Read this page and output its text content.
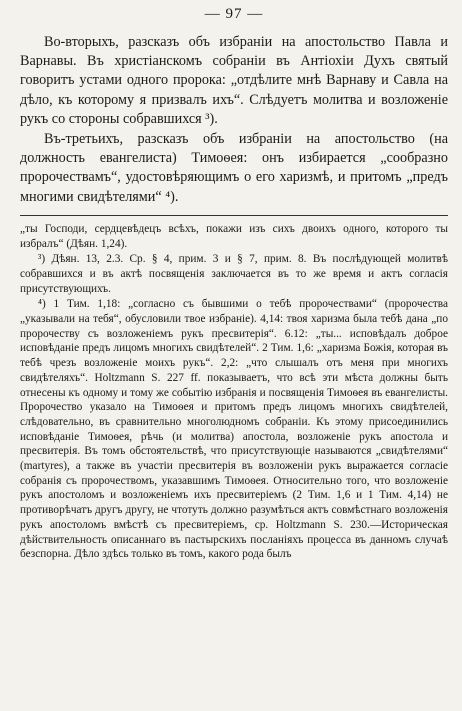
— 97 —

Во-вторыхъ, разсказъ объ избраніи на апостольство Павла и Варнавы. Въ христіанскомъ собраніи въ Антіохіи Духъ святый говоритъ устами одного пророка: „отдѣлите мнѣ Варнаву и Савла на дѣло, къ которому я призвалъ ихъ“. Слѣдуетъ молитва и возложеніе рукъ со стороны собравшихся ³).

Въ-третьихъ, разсказъ объ избраніи на апостольство (на должность евангелиста) Тимоѳея: онъ избирается „сообразно пророчествамъ“, удостовѣряющимъ о его харизмѣ, и притомъ „предъ многими свидѣтелями“ ⁴).

„ты Господи, сердцевѣдецъ всѣхъ, покажи изъ сихъ двоихъ одного, которого ты избралъ“ (Дѣян. 1,24).

³) Дѣян. 13, 2.3. Ср. § 4, прим. 3 и § 7, прим. 8. Въ послѣдующей молитвѣ собравшихся и въ актѣ посвященія заключается въ то же время и актъ согласія присутствующихъ.

⁴) 1 Тим. 1,18: „согласно съ бывшими о тебѣ пророчествами“ (пророчества „указывали на тебя“, обусловили твое избраніе). 4,14: твоя харизма была тебѣ дана „по пророчеству съ возложеніемъ рукъ пресвитерія“. 6.12: „ты... исповѣдалъ доброе исповѣданіе предъ лицомъ многихъ свидѣтелей“. 2 Тим. 1,6: „харизма Божія, которая въ тебѣ чрезъ возложеніе моихъ рукъ“. 2,2: „что слышалъ отъ меня при многихъ свидѣтеляхъ“. Holtzmann S. 227 ff. показываетъ, что всѣ эти мѣста должны быть отнесены къ одному и тому же событію избранія и посвященія Тимоѳея въ евангелисты. Пророчество указало на Тимоѳея и притомъ предъ лицомъ многихъ свидѣтелей, слѣдовательно, въ сравнительно многолюдномъ собраніи. Къ этому присоединились исповѣданіе Тимоѳея, рѣчь (и молитва) апостола, возложеніе рукъ апостола и пресвитерія. Въ томъ обстоятельствѣ, что присутствующіе называются „свидѣтелями“ (martyres), а также въ участіи пресвитерія въ возложеніи рукъ выражается согласіе собранія съ пророчествомъ, указавшимъ Тимоѳея. Относительно того, что возложеніе рукъ апостоломъ и возложеніемъ ихъ пресвитеріемъ (2 Тим. 1,6 и 1 Тим. 4,14) не противорѣчатъ другъ другу, не чтотуть должно разумѣться актъ совмѣстнаго возложенія рукъ апостоломъ вмѣстѣ съ пресвитеріемъ, ср. Holtzmann S. 230.—Историческая дѣйствительность описаннаго въ пастырскихъ посланіяхъ процесса въ данномъ случаѣ безспорна. Дѣло здѣсь только въ томъ, какого рода былъ
